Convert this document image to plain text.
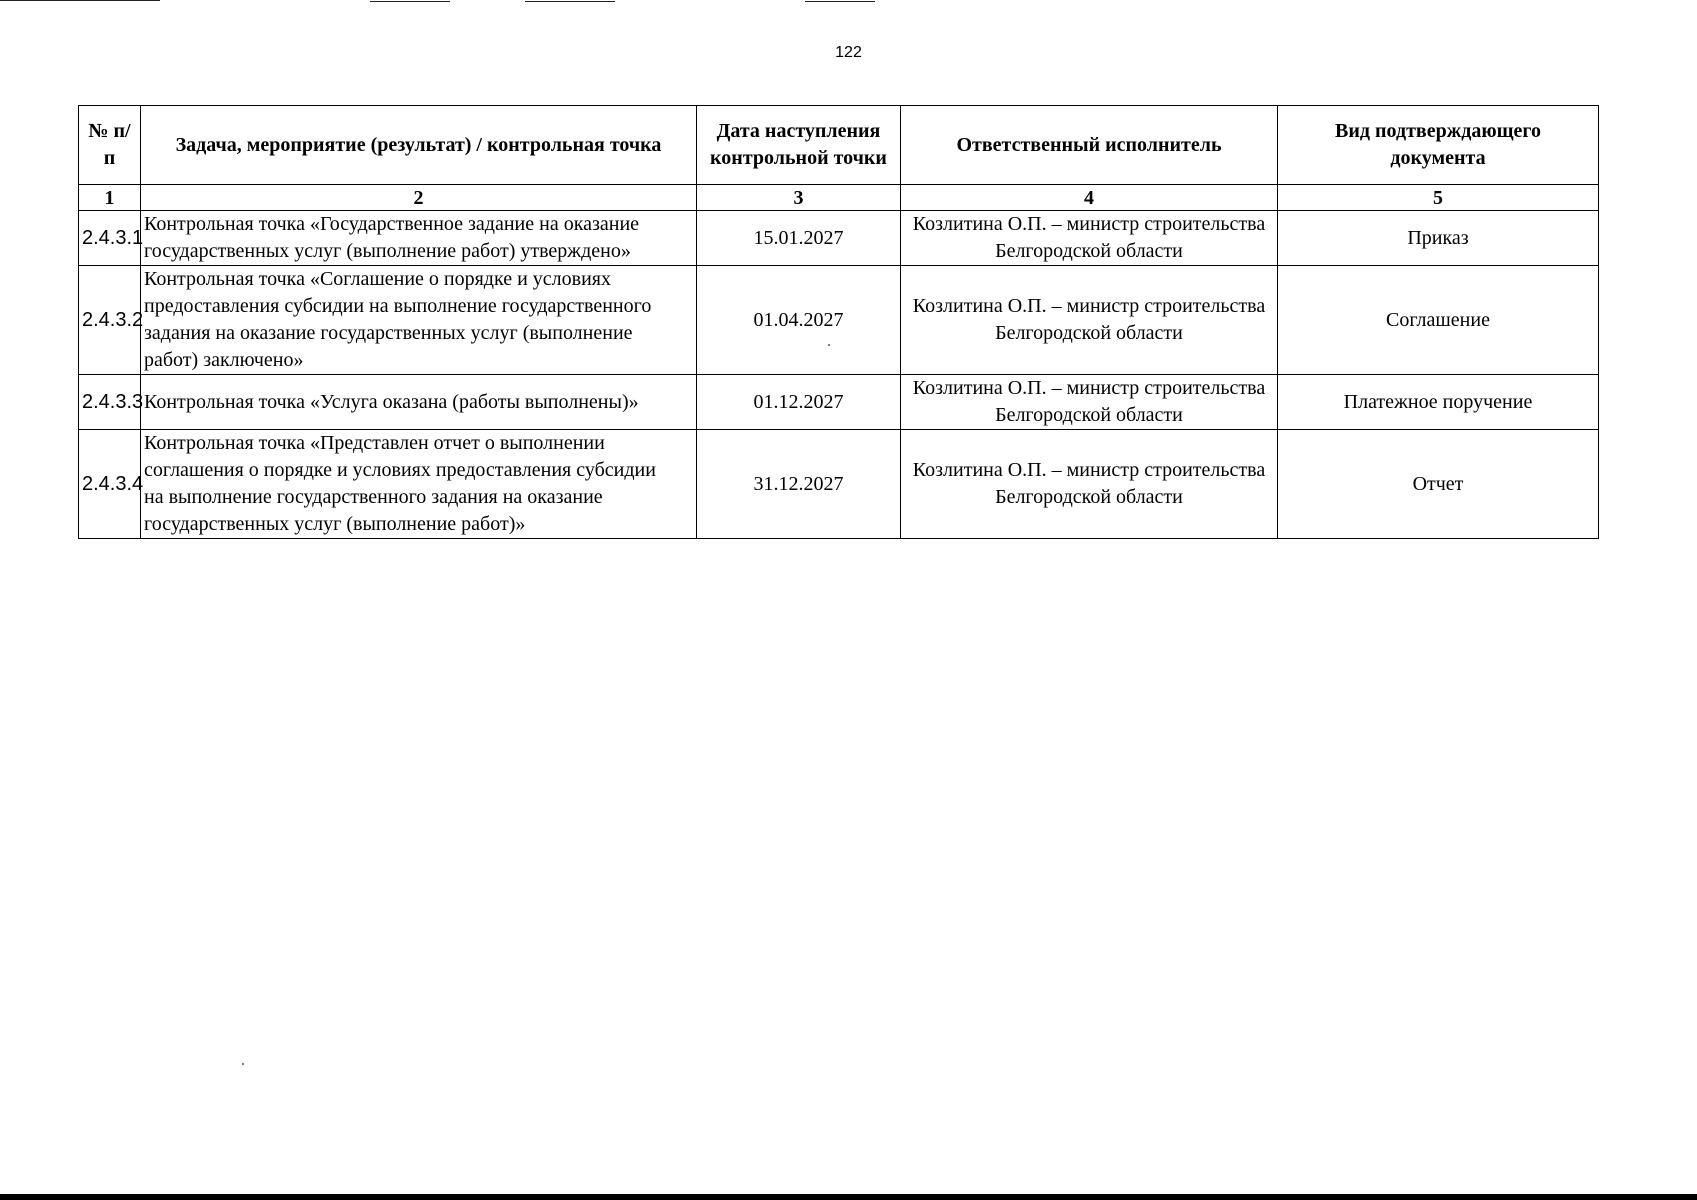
122
№ п/п	Задача, мероприятие (результат) / контрольная точка	Дата наступления контрольной точки	Ответственный исполнитель	Вид подтверждающего документа
1	2	3	4	5
2.4.3.1	Контрольная точка «Государственное задание на оказание государственных услуг (выполнение работ) утверждено»	15.01.2027	Козлитина О.П. – министр строительства Белгородской области	Приказ
2.4.3.2	Контрольная точка «Соглашение о порядке и условиях предоставления субсидии на выполнение государственного задания на оказание государственных услуг (выполнение работ) заключено»	01.04.2027	Козлитина О.П. – министр строительства Белгородской области	Соглашение
2.4.3.3	Контрольная точка «Услуга оказана (работы выполнены)»	01.12.2027	Козлитина О.П. – министр строительства Белгородской области	Платежное поручение
2.4.3.4	Контрольная точка «Представлен отчет о выполнении соглашения о порядке и условиях предоставления субсидии на выполнение государственного задания на оказание государственных услуг (выполнение работ)»	31.12.2027	Козлитина О.П. – министр строительства Белгородской области	Отчет
